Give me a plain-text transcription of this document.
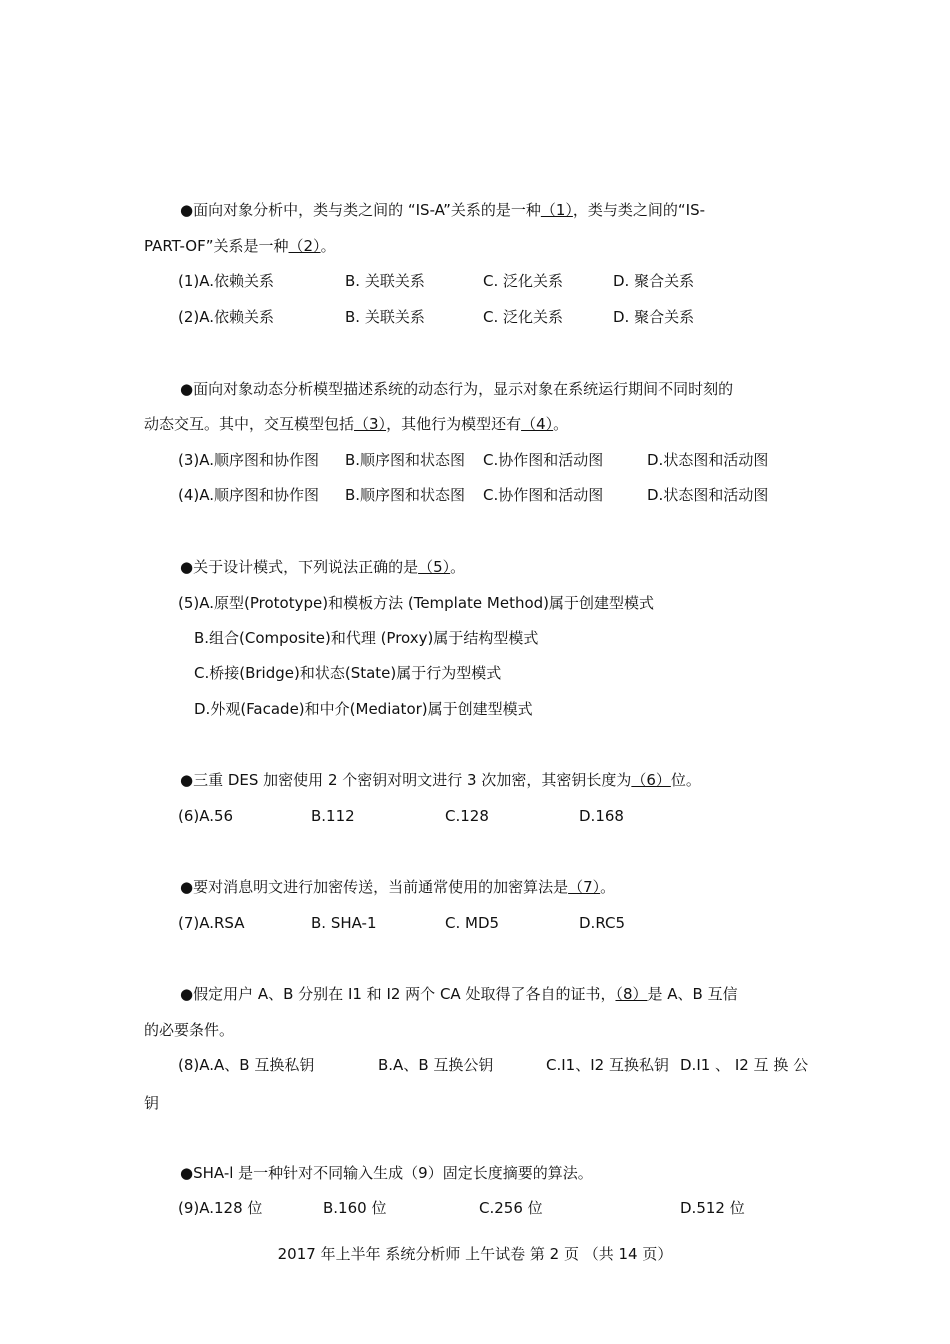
●面向对象分析中，类与类之间的 “IS-A”关系的是一种（1），类与类之间的“IS-
PART-OF”关系是一种（2）。
(1)A.依赖关系	B. 关联关系	C. 泛化关系	D. 聚合关系
(2)A.依赖关系	B. 关联关系	C. 泛化关系	D. 聚合关系
●面向对象动态分析模型描述系统的动态行为，显示对象在系统运行期间不同时刻的
动态交互。其中，交互模型包括（3），其他行为模型还有（4）。
(3)A.顺序图和协作图 B.顺序图和状态图 C.协作图和活动图	D.状态图和活动图
(4)A.顺序图和协作图 B.顺序图和状态图 C.协作图和活动图	D.状态图和活动图
●关于设计模式，下列说法正确的是（5）。
(5)A.原型(Prototype)和模板方法 (Template Method)属于创建型模式
B.组合(Composite)和代理 (Proxy)属于结构型模式
C.桥接(Bridge)和状态(State)属于行为型模式
D.外观(Facade)和中介(Mediator)属于创建型模式
●三重 DES 加密使用 2 个密钥对明文进行 3 次加密，其密钥长度为（6）位。
(6)A.56	B.112	C.128	D.168
●要对消息明文进行加密传送，当前通常使用的加密算法是（7）。
(7)A.RSA	B. SHA-1	C. MD5	D.RC5
●假定用户 A、B 分别在 I1 和 I2 两个 CA 处取得了各自的证书，（8）是 A、B 互信
的必要条件。
(8)A.A、B 互换私钥	B.A、B 互换公钥	C.I1、I2 互换私钥 D.I1 、 I2 互 换 公
钥
●SHA-l 是一种针对不同输入生成（9）固定长度摘要的算法。
(9)A.128 位	B.160 位	C.256 位	D.512 位
2017 年上半年 系统分析师 上午试卷 第 2 页 （共 14 页）
